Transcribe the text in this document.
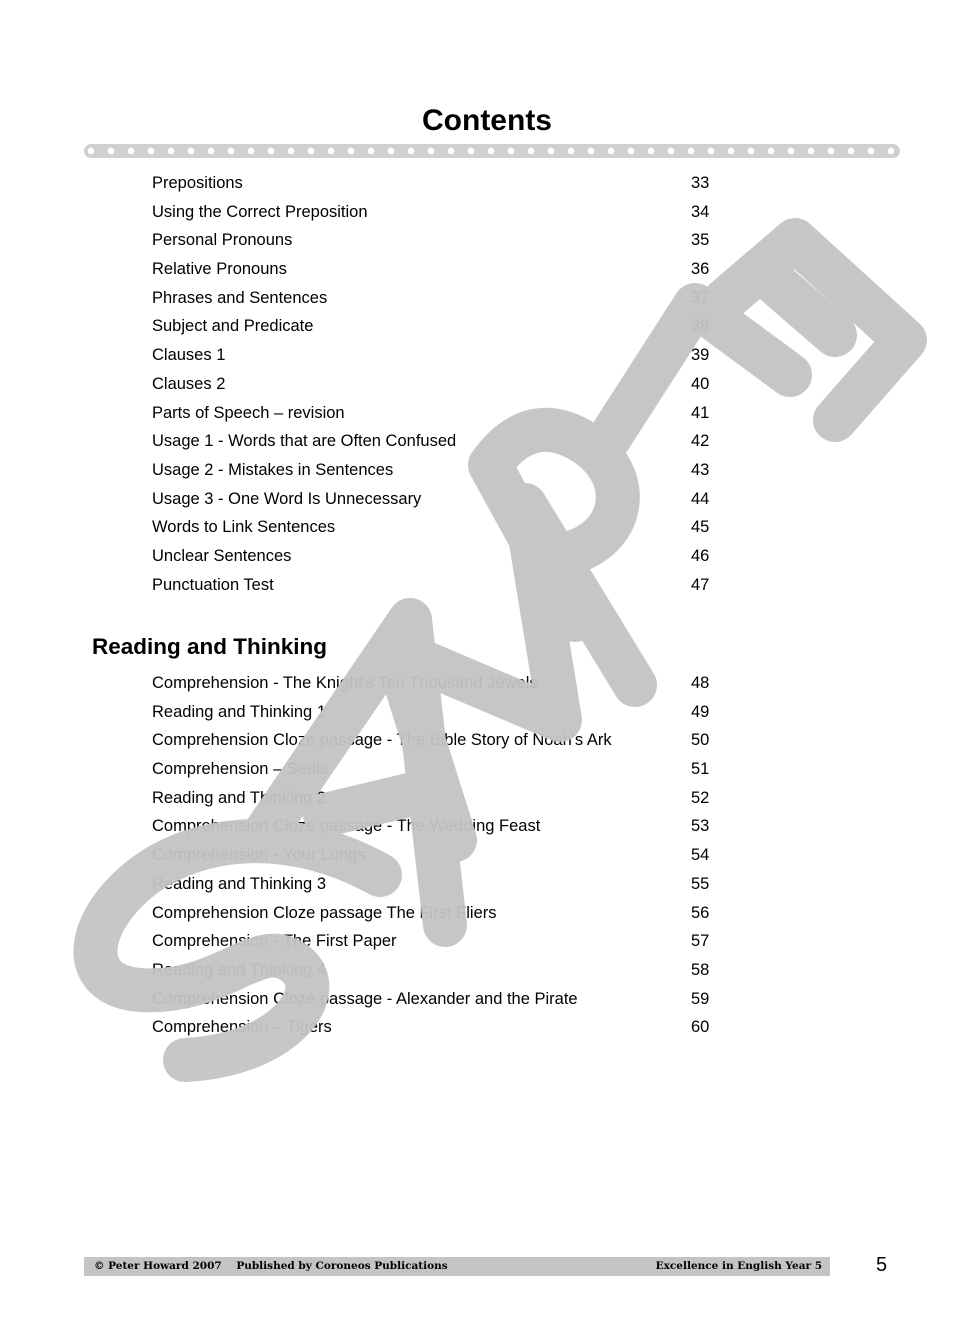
Contents
Prepositions	33
Using the Correct Preposition	34
Personal Pronouns	35
Relative Pronouns	36
Phrases and Sentences	37
Subject and Predicate	38
Clauses 1	39
Clauses 2	40
Parts of Speech – revision	41
Usage 1 - Words that are Often Confused	42
Usage 2 - Mistakes in Sentences	43
Usage 3 - One Word Is Unnecessary	44
Words to Link Sentences	45
Unclear Sentences	46
Punctuation Test	47
Reading and Thinking
Comprehension - The Knight's Ten Thousand Jewels	48
Reading and Thinking 1	49
Comprehension Cloze passage - The Bible Story of Noah's Ark	50
Comprehension – Seals	51
Reading and Thinking 2	52
Comprehension Cloze passage - The Wedding Feast	53
Comprehension - Your Lungs	54
Reading and Thinking 3	55
Comprehension Cloze passage The First Fliers	56
Comprehension - The First Paper	57
Reading and Thinking 4	58
Comprehension Cloze passage - Alexander and the Pirate	59
Comprehension – Tigers	60
© Peter Howard 2007 Published by Coroneos Publications	Excellence in English Year 5	5
